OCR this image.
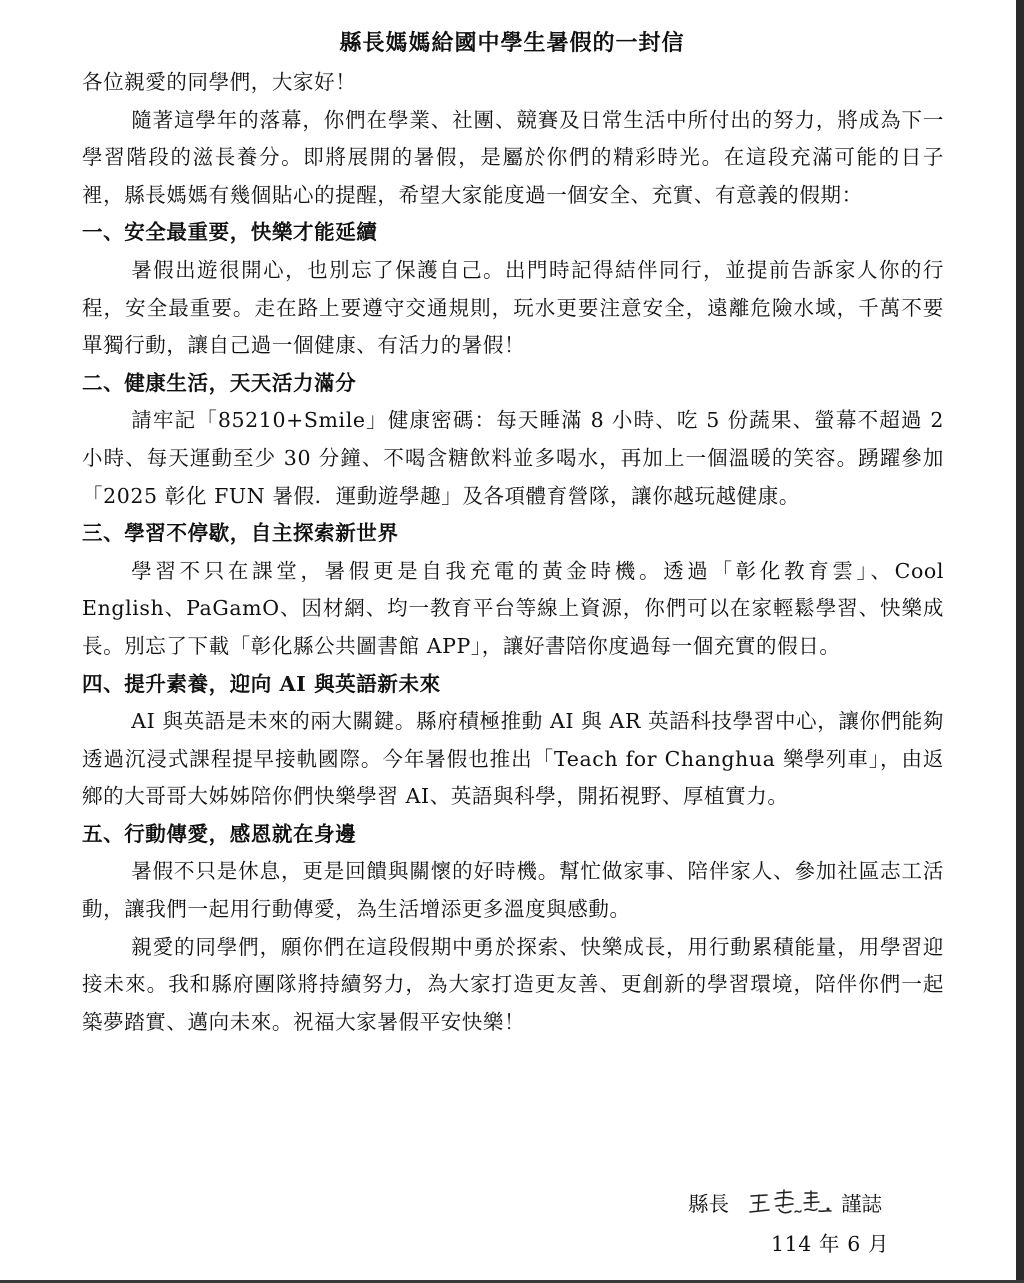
縣長媽媽給國中學生暑假的一封信

各位親愛的同學們，大家好！

隨著這學年的落幕，你們在學業、社團、競賽及日常生活中所付出的努力，將成為下一學習階段的滋長養分。即將展開的暑假，是屬於你們的精彩時光。在這段充滿可能的日子裡，縣長媽媽有幾個貼心的提醒，希望大家能度過一個安全、充實、有意義的假期：

一、安全最重要，快樂才能延續

暑假出遊很開心，也別忘了保護自己。出門時記得結伴同行，並提前告訴家人你的行程，安全最重要。走在路上要遵守交通規則，玩水更要注意安全，遠離危險水域，千萬不要單獨行動，讓自己過一個健康、有活力的暑假！

二、健康生活，天天活力滿分

請牢記「85210+Smile」健康密碼：每天睡滿 8 小時、吃 5 份蔬果、螢幕不超過 2 小時、每天運動至少 30 分鐘、不喝含糖飲料並多喝水，再加上一個溫暖的笑容。踴躍參加「2025 彰化 FUN 暑假．運動遊學趣」及各項體育營隊，讓你越玩越健康。

三、學習不停歇，自主探索新世界

學習不只在課堂，暑假更是自我充電的黃金時機。透過「彰化教育雲」、Cool English、PaGamO、因材網、均一教育平台等線上資源，你們可以在家輕鬆學習、快樂成長。別忘了下載「彰化縣公共圖書館 APP」，讓好書陪你度過每一個充實的假日。

四、提升素養，迎向 AI 與英語新未來

AI 與英語是未來的兩大關鍵。縣府積極推動 AI 與 AR 英語科技學習中心，讓你們能夠透過沉浸式課程提早接軌國際。今年暑假也推出「Teach for Changhua 樂學列車」，由返鄉的大哥哥大姊姊陪你們快樂學習 AI、英語與科學，開拓視野、厚植實力。

五、行動傳愛，感恩就在身邊

暑假不只是休息，更是回饋與關懷的好時機。幫忙做家事、陪伴家人、參加社區志工活動，讓我們一起用行動傳愛，為生活增添更多溫度與感動。

親愛的同學們，願你們在這段假期中勇於探索、快樂成長，用行動累積能量，用學習迎接未來。我和縣府團隊將持續努力，為大家打造更友善、更創新的學習環境，陪伴你們一起築夢踏實、邁向未來。祝福大家暑假平安快樂！

縣長	謹誌
114 年 6 月
